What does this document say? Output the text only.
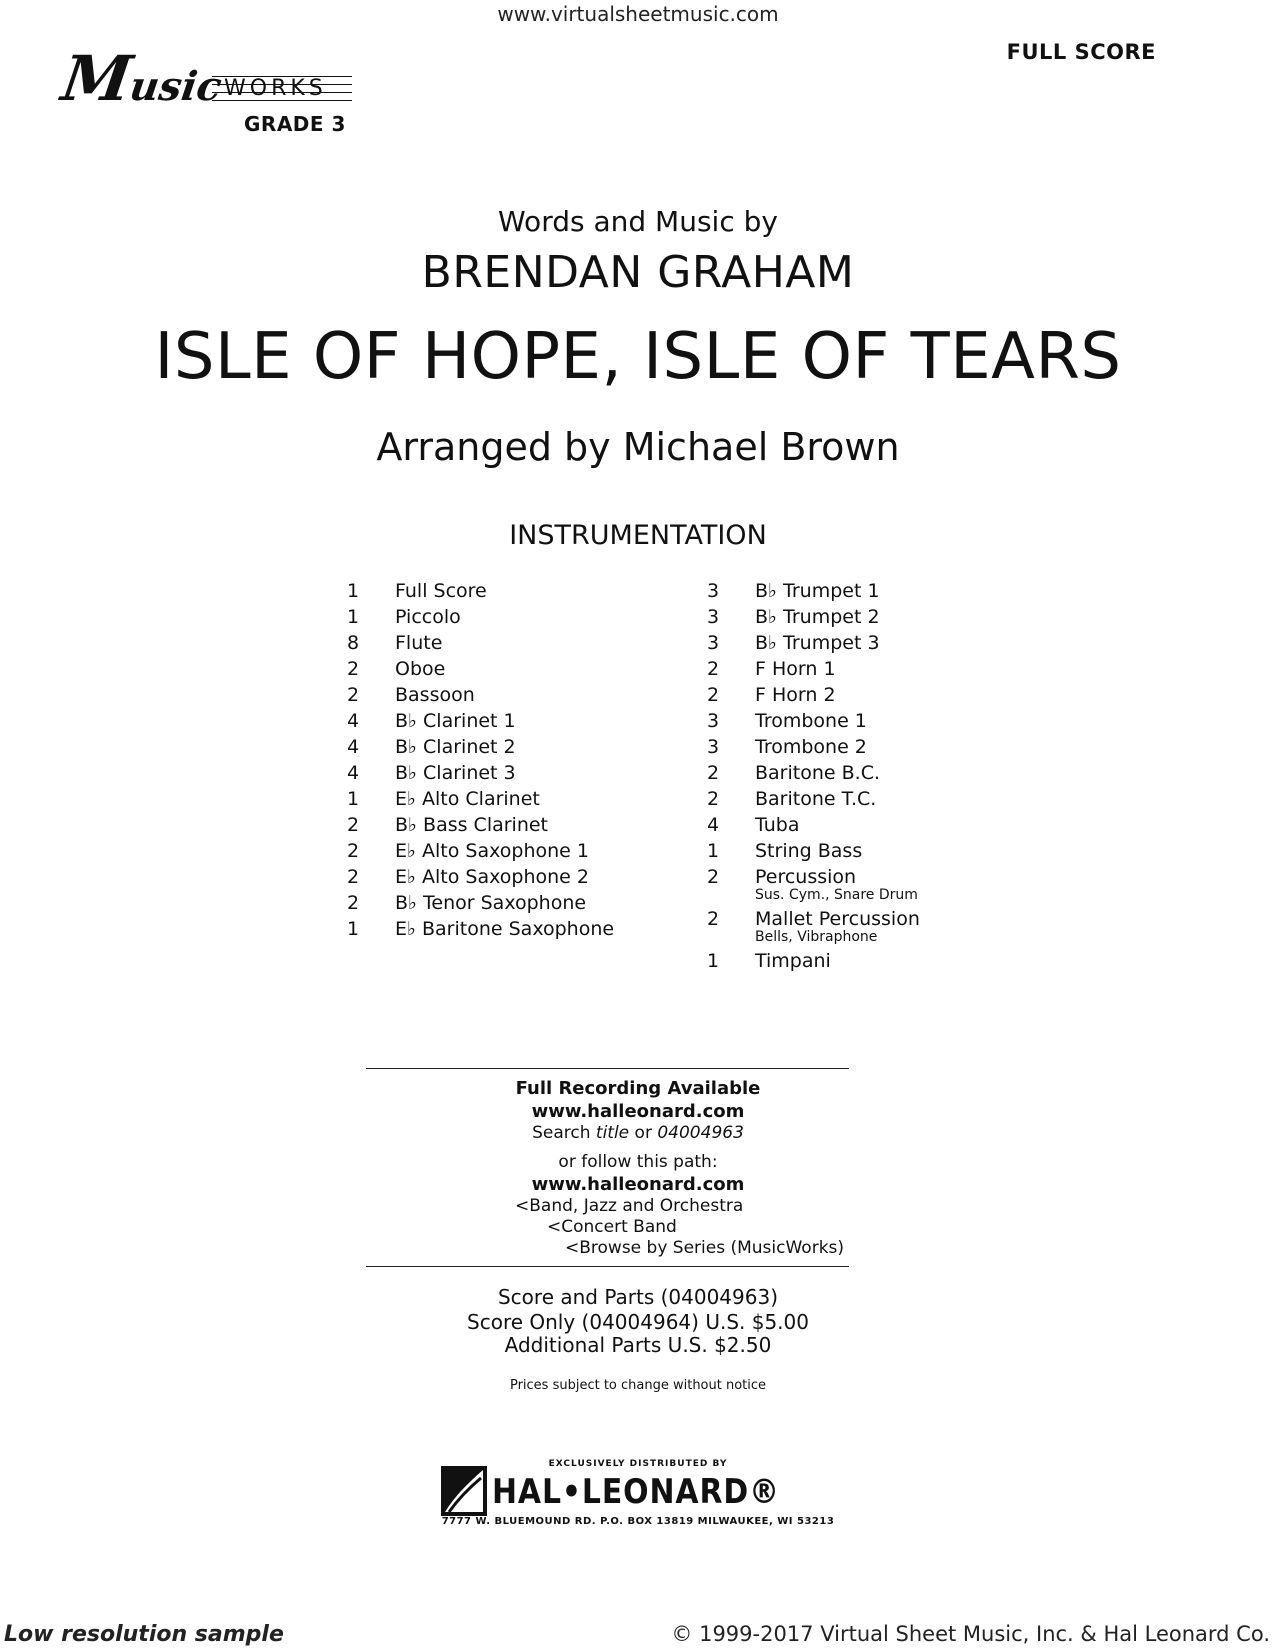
www.virtualsheetmusic.com
FULL SCORE
Music WORKS
GRADE 3
Words and Music by
BRENDAN GRAHAM
ISLE OF HOPE, ISLE OF TEARS
Arranged by Michael Brown
INSTRUMENTATION
1	Full Score
1	Piccolo
8	Flute
2	Oboe
2	Bassoon
4	B♭ Clarinet 1
4	B♭ Clarinet 2
4	B♭ Clarinet 3
1	E♭ Alto Clarinet
2	B♭ Bass Clarinet
2	E♭ Alto Saxophone 1
2	E♭ Alto Saxophone 2
2	B♭ Tenor Saxophone
1	E♭ Baritone Saxophone
3	B♭ Trumpet 1
3	B♭ Trumpet 2
3	B♭ Trumpet 3
2	F Horn 1
2	F Horn 2
3	Trombone 1
3	Trombone 2
2	Baritone B.C.
2	Baritone T.C.
4	Tuba
1	String Bass
2	Percussion
Sus. Cym., Snare Drum
2	Mallet Percussion
Bells, Vibraphone
1	Timpani
Full Recording Available
www.halleonard.com
Search title or 04004963
or follow this path:
www.halleonard.com
<Band, Jazz and Orchestra
<Concert Band
<Browse by Series (MusicWorks)
Score and Parts (04004963)
Score Only (04004964) U.S. $5.00
Additional Parts U.S. $2.50
Prices subject to change without notice
EXCLUSIVELY DISTRIBUTED BY
HAL•LEONARD®
7777 W. BLUEMOUND RD. P.O. BOX 13819 MILWAUKEE, WI 53213
Low resolution sample	© 1999-2017 Virtual Sheet Music, Inc. & Hal Leonard Co.
